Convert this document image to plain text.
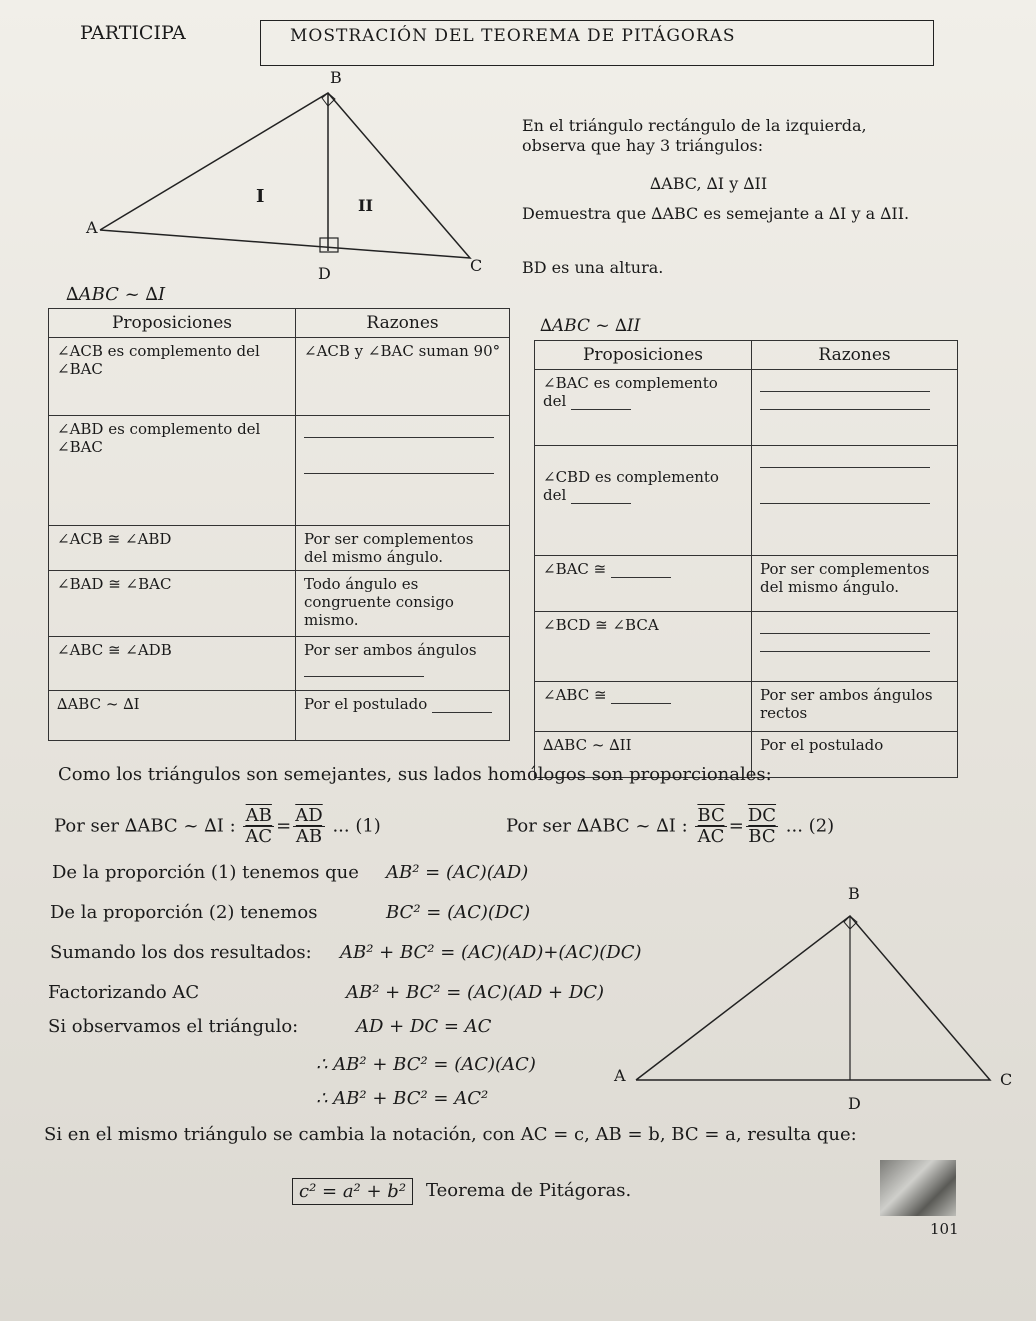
PARTICIPA	MOSTRACIÓN DEL TEOREMA DE PITÁGORAS
B
A
C
D
I	II
En el triángulo rectángulo de la izquierda, observa que hay 3 triángulos:
∆ABC, ∆I y ∆II
Demuestra que ∆ABC es semejante a ∆I y a ∆II.
BD es una altura.
∆ABC ~ ∆I
Proposiciones	Razones
∠ACB es complemento del ∠BAC	∠ACB y ∠BAC suman 90°
∠ABD es complemento del ∠BAC	

∠ACB ≅ ∠ABD	Por ser complementos del mismo ángulo.
∠BAD ≅ ∠BAC	Todo ángulo es congruente consigo mismo.
∠ABC ≅ ∠ADB	Por ser ambos ángulos

∆ABC ~ ∆I	Por el postulado
∆ABC ~ ∆II
Proposiciones	Razones
∠BAC es complemento del	

∠CBD es complemento del	

∠BAC ≅	Por ser complementos del mismo ángulo.
∠BCD ≅ ∠BCA	

∠ABC ≅	Por ser ambos ángulos rectos
∆ABC ~ ∆II	Por el postulado
Como los triángulos son semejantes, sus lados homólogos son proporcionales:
Por ser ∆ABC ~ ∆I : $\frac{\overline{AB}}{AC} = \frac{\overline{AD}}{AB}$ ... (1)	Por ser ∆ABC ~ ∆I : $\frac{\overline{BC}}{AC} = \frac{\overline{DC}}{BC}$ ... (2)
De la proporción (1) tenemos que AB² = (AC)(AD)
De la proporción (2) tenemos	BC² = (AC)(DC)
Sumando los dos resultados: AB² + BC² = (AC)(AD)+(AC)(DC)
Factorizando AC	AB² + BC² = (AC)(AD + DC)
Si observamos el triángulo:	AD + DC = AC
∴ AB² + BC² = (AC)(AC)
∴ AB² + BC² = AC²
B
A	C
D
Si en el mismo triángulo se cambia la notación, con AC = c, AB = b, BC = a, resulta que:
c² = a² + b²	Teorema de Pitágoras.
101
